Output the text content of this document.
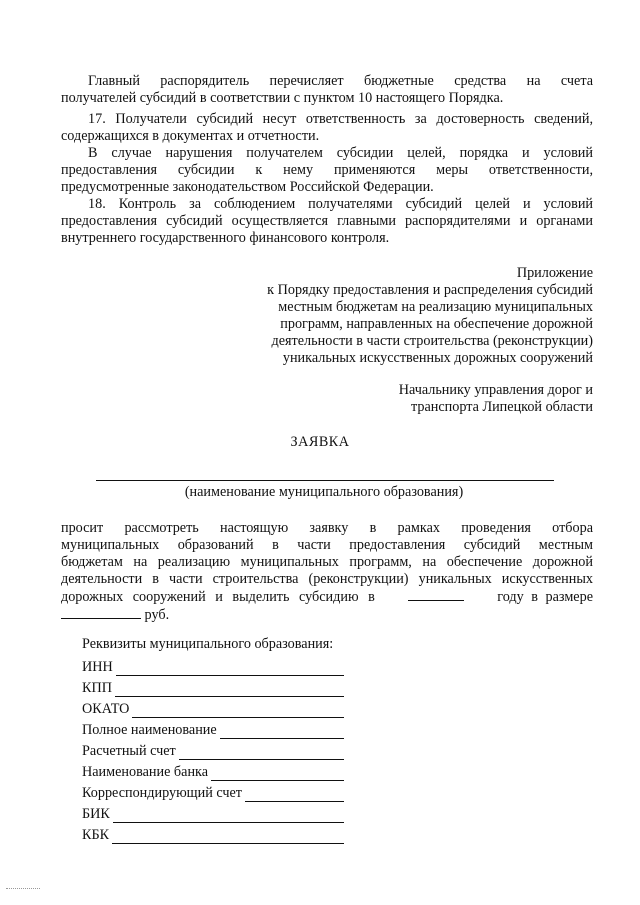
Главный распорядитель перечисляет бюджетные средства на счета
получателей субсидий в соответствии с пунктом 10 настоящего Порядка.
17. Получатели субсидий несут ответственность за достоверность сведений,
содержащихся в документах и отчетности.
В случае нарушения получателем субсидии целей, порядка и условий
предоставления субсидии к нему применяются меры ответственности,
предусмотренные законодательством Российской Федерации.
18. Контроль за соблюдением получателями субсидий целей и условий
предоставления субсидий осуществляется главными распорядителями и органами
внутреннего государственного финансового контроля.
Приложение
к Порядку предоставления и распределения субсидий
местным бюджетам на реализацию муниципальных
программ, направленных на обеспечение дорожной
деятельности в части строительства (реконструкции)
уникальных искусственных дорожных сооружений
Начальнику управления дорог и
транспорта Липецкой области
ЗАЯВКА
(наименование муниципального образования)
просит рассмотреть настоящую заявку в рамках проведения отбора
муниципальных образований в части предоставления субсидий местным
бюджетам на реализацию муниципальных программ, на обеспечение дорожной
деятельности в части строительства (реконструкции) уникальных искусственных
дорожных сооружений и выделить субсидию в	году в размере
руб.
Реквизиты муниципального образования:
ИНН
КПП
ОКАТО
Полное наименование
Расчетный счет
Наименование банка
Корреспондирующий счет
БИК
КБК
